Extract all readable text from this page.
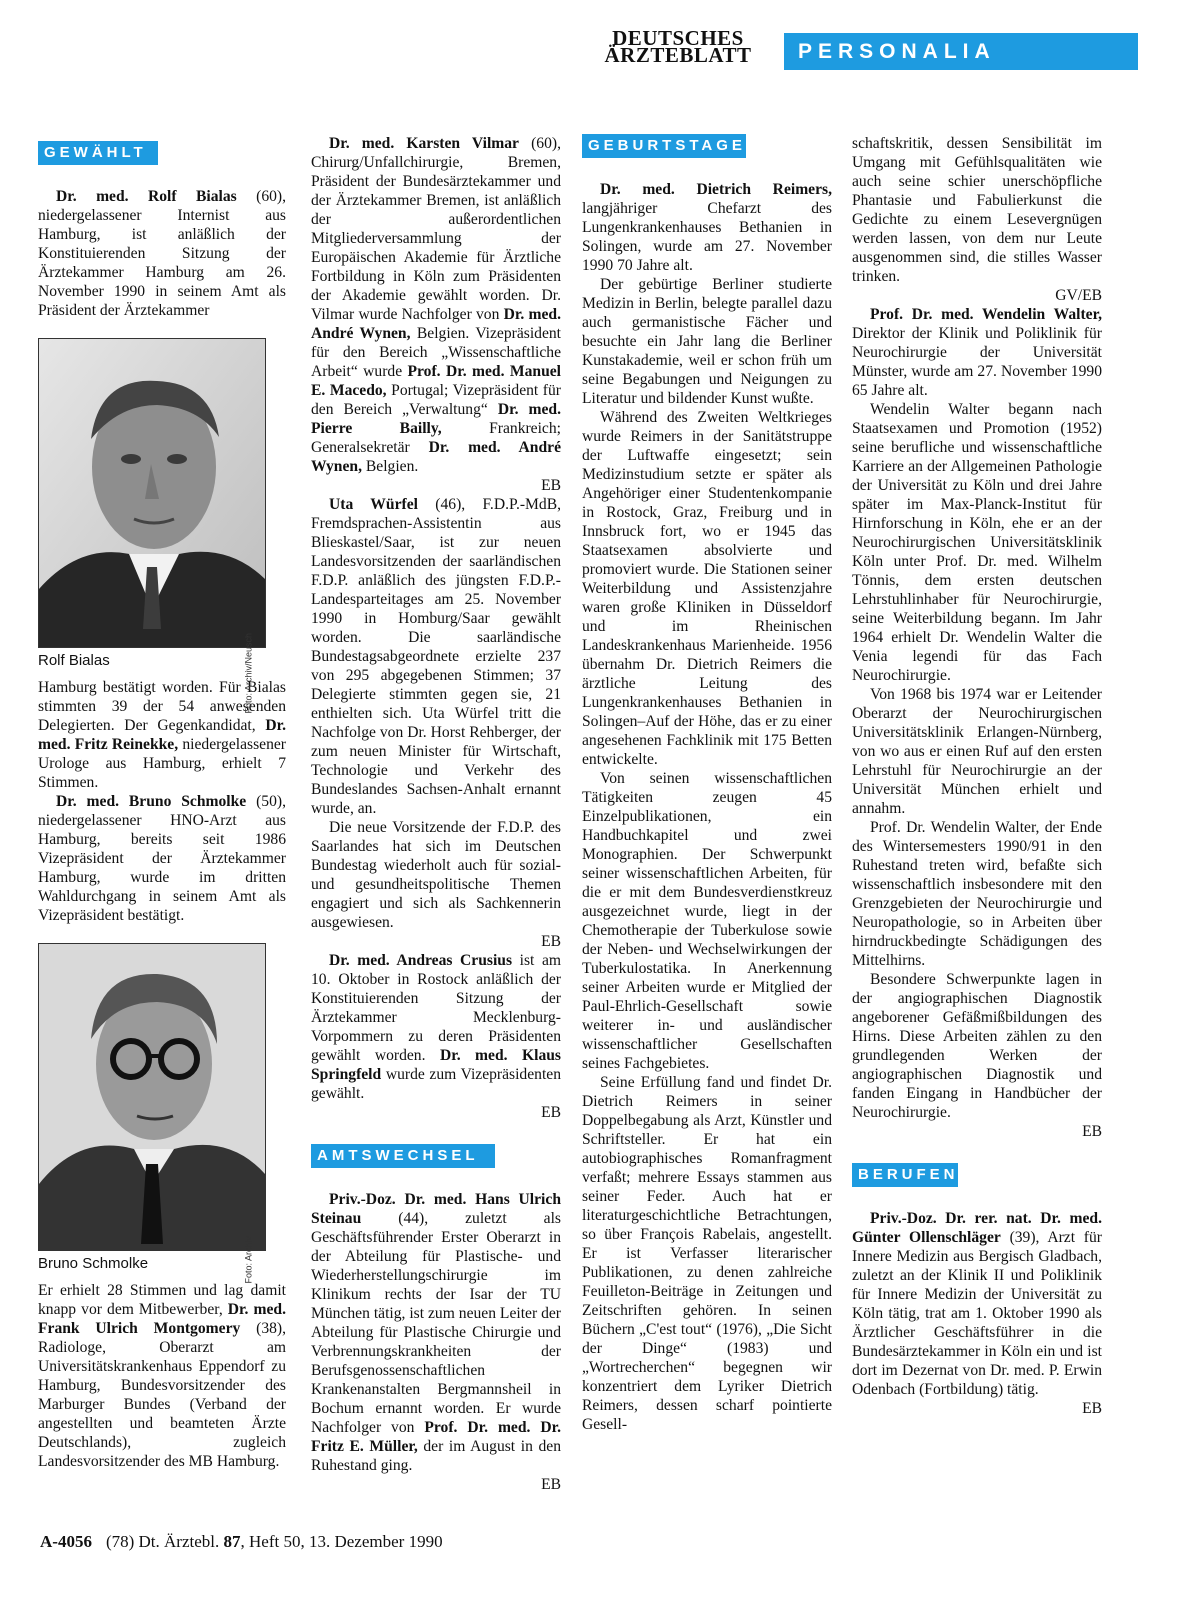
DEUTSCHES
ÄRZTEBLATT	PERSONALIA
GEWÄHLT

Dr. med. Rolf Bialas (60), niedergelassener Internist aus Hamburg, ist anläßlich der Konstituierenden Sitzung der Ärztekammer Hamburg am 26. November 1990 in seinem Amt als Präsident der Ärztekammer

Foto: Archiv/Neusch
Rolf Bialas

Hamburg bestätigt worden. Für Bialas stimmten 39 der 54 anwesenden Delegierten. Der Gegenkandidat, Dr. med. Fritz Reinekke, niedergelassener Urologe aus Hamburg, erhielt 7 Stimmen.

Dr. med. Bruno Schmolke (50), niedergelassener HNO-Arzt aus Hamburg, bereits seit 1986 Vizepräsident der Ärztekammer Hamburg, wurde im dritten Wahldurchgang in seinem Amt als Vizepräsident bestätigt.

Foto: Archiv
Bruno Schmolke

Er erhielt 28 Stimmen und lag damit knapp vor dem Mitbewerber, Dr. med. Frank Ulrich Montgomery (38), Radiologe, Oberarzt am Universitätskrankenhaus Eppendorf zu Hamburg, Bundesvorsitzender des Marburger Bundes (Verband der angestellten und beamteten Ärzte Deutschlands), zugleich Landesvorsitzender des MB Hamburg.

Dr. med. Karsten Vilmar (60), Chirurg/Unfallchirurgie, Bremen, Präsident der Bundesärztekammer und der Ärztekammer Bremen, ist anläßlich der außerordentlichen Mitgliederversammlung der Europäischen Akademie für Ärztliche Fortbildung in Köln zum Präsidenten der Akademie gewählt worden. Dr. Vilmar wurde Nachfolger von Dr. med. André Wynen, Belgien. Vizepräsident für den Bereich „Wissenschaftliche Arbeit“ wurde Prof. Dr. med. Manuel E. Macedo, Portugal; Vizepräsident für den Bereich „Verwaltung“ Dr. med. Pierre Bailly, Frankreich; Generalsekretär Dr. med. André Wynen, Belgien.

EB

Uta Würfel (46), F.D.P.-MdB, Fremdsprachen-Assistentin aus Blieskastel/Saar, ist zur neuen Landesvorsitzenden der saarländischen F.D.P. anläßlich des jüngsten F.D.P.-Landesparteitages am 25. November 1990 in Homburg/Saar gewählt worden. Die saarländische Bundestagsabgeordnete erzielte 237 von 295 abgegebenen Stimmen; 37 Delegierte stimmten gegen sie, 21 enthielten sich. Uta Würfel tritt die Nachfolge von Dr. Horst Rehberger, der zum neuen Minister für Wirtschaft, Technologie und Verkehr des Bundeslandes Sachsen-Anhalt ernannt wurde, an.

Die neue Vorsitzende der F.D.P. des Saarlandes hat sich im Deutschen Bundestag wiederholt auch für sozial- und gesundheitspolitische Themen engagiert und sich als Sachkennerin ausgewiesen.

EB

Dr. med. Andreas Crusius ist am 10. Oktober in Rostock anläßlich der Konstituierenden Sitzung der Ärztekammer Mecklenburg-Vorpommern zu deren Präsidenten gewählt worden. Dr. med. Klaus Springfeld wurde zum Vizepräsidenten gewählt.

EB

AMTSWECHSEL

Priv.-Doz. Dr. med. Hans Ulrich Steinau (44), zuletzt als Geschäftsführender Erster Oberarzt in der Abteilung für Plastische- und Wiederherstellungschirurgie im Klinikum rechts der Isar der TU München tätig, ist zum neuen Leiter der Abteilung für Plastische Chirurgie und Verbrennungskrankheiten der Berufsgenossenschaftlichen Krankenanstalten Bergmannsheil in Bochum ernannt worden. Er wurde Nachfolger von Prof. Dr. med. Dr. Fritz E. Müller, der im August in den Ruhestand ging.

EB

GEBURTSTAGE

Dr. med. Dietrich Reimers, langjähriger Chefarzt des Lungenkrankenhauses Bethanien in Solingen, wurde am 27. November 1990 70 Jahre alt.

Der gebürtige Berliner studierte Medizin in Berlin, belegte parallel dazu auch germanistische Fächer und besuchte ein Jahr lang die Berliner Kunstakademie, weil er schon früh um seine Begabungen und Neigungen zu Literatur und bildender Kunst wußte.

Während des Zweiten Weltkrieges wurde Reimers in der Sanitätstruppe der Luftwaffe eingesetzt; sein Medizinstudium setzte er später als Angehöriger einer Studentenkompanie in Rostock, Graz, Freiburg und in Innsbruck fort, wo er 1945 das Staatsexamen absolvierte und promoviert wurde. Die Stationen seiner Weiterbildung und Assistenzjahre waren große Kliniken in Düsseldorf und im Rheinischen Landeskrankenhaus Marienheide. 1956 übernahm Dr. Dietrich Reimers die ärztliche Leitung des Lungenkrankenhauses Bethanien in Solingen–Auf der Höhe, das er zu einer angesehenen Fachklinik mit 175 Betten entwickelte.

Von seinen wissenschaftlichen Tätigkeiten zeugen 45 Einzelpublikationen, ein Handbuchkapitel und zwei Monographien. Der Schwerpunkt seiner wissenschaftlichen Arbeiten, für die er mit dem Bundesverdienstkreuz ausgezeichnet wurde, liegt in der Chemotherapie der Tuberkulose sowie der Neben- und Wechselwirkungen der Tuberkulostatika. In Anerkennung seiner Arbeiten wurde er Mitglied der Paul-Ehrlich-Gesellschaft sowie weiterer in- und ausländischer wissenschaftlicher Gesellschaften seines Fachgebietes.

Seine Erfüllung fand und findet Dr. Dietrich Reimers in seiner Doppelbegabung als Arzt, Künstler und Schriftsteller. Er hat ein autobiographisches Romanfragment verfaßt; mehrere Essays stammen aus seiner Feder. Auch hat er literaturgeschichtliche Betrachtungen, so über François Rabelais, angestellt. Er ist Verfasser literarischer Publikationen, zu denen zahlreiche Feuilleton-Beiträge in Zeitungen und Zeitschriften gehören. In seinen Büchern „C'est tout“ (1976), „Die Sicht der Dinge“ (1983) und „Wortrecherchen“ begegnen wir konzentriert dem Lyriker Dietrich Reimers, dessen scharf pointierte Gesell-

schaftskritik, dessen Sensibilität im Umgang mit Gefühlsqualitäten wie auch seine schier unerschöpfliche Phantasie und Fabulierkunst die Gedichte zu einem Lesevergnügen werden lassen, von dem nur Leute ausgenommen sind, die stilles Wasser trinken.

GV/EB

Prof. Dr. med. Wendelin Walter, Direktor der Klinik und Poliklinik für Neurochirurgie der Universität Münster, wurde am 27. November 1990 65 Jahre alt.

Wendelin Walter begann nach Staatsexamen und Promotion (1952) seine berufliche und wissenschaftliche Karriere an der Allgemeinen Pathologie der Universität zu Köln und drei Jahre später im Max-Planck-Institut für Hirnforschung in Köln, ehe er an der Neurochirurgischen Universitätsklinik Köln unter Prof. Dr. med. Wilhelm Tönnis, dem ersten deutschen Lehrstuhlinhaber für Neurochirurgie, seine Weiterbildung begann. Im Jahr 1964 erhielt Dr. Wendelin Walter die Venia legendi für das Fach Neurochirurgie.

Von 1968 bis 1974 war er Leitender Oberarzt der Neurochirurgischen Universitätsklinik Erlangen-Nürnberg, von wo aus er einen Ruf auf den ersten Lehrstuhl für Neurochirurgie an der Universität München erhielt und annahm.

Prof. Dr. Wendelin Walter, der Ende des Wintersemesters 1990/91 in den Ruhestand treten wird, befaßte sich wissenschaftlich insbesondere mit den Grenzgebieten der Neurochirurgie und Neuropathologie, so in Arbeiten über hirndruckbedingte Schädigungen des Mittelhirns.

Besondere Schwerpunkte lagen in der angiographischen Diagnostik angeborener Gefäßmißbildungen des Hirns. Diese Arbeiten zählen zu den grundlegenden Werken der angiographischen Diagnostik und fanden Eingang in Handbücher der Neurochirurgie.

EB

BERUFEN

Priv.-Doz. Dr. rer. nat. Dr. med. Günter Ollenschläger (39), Arzt für Innere Medizin aus Bergisch Gladbach, zuletzt an der Klinik II und Poliklinik für Innere Medizin der Universität zu Köln tätig, trat am 1. Oktober 1990 als Ärztlicher Geschäftsführer in die Bundesärztekammer in Köln ein und ist dort im Dezernat von Dr. med. P. Erwin Odenbach (Fortbildung) tätig.

EB

A-4056 (78) Dt. Ärztebl. 87, Heft 50, 13. Dezember 1990
